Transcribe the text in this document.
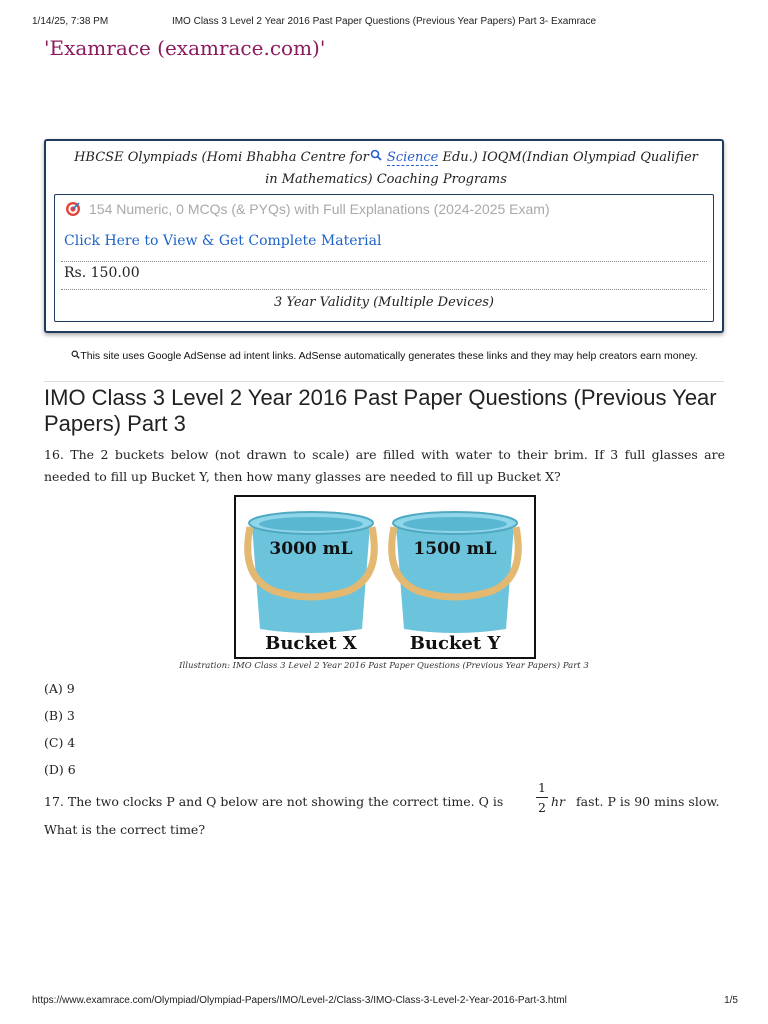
1/14/25, 7:38 PM	IMO Class 3 Level 2 Year 2016 Past Paper Questions (Previous Year Papers) Part 3- Examrace
'Examrace (examrace.com)'
HBCSE Olympiads (Homi Bhabha Centre for Science Edu.) IOQM(Indian Olympiad Qualifier in Mathematics) Coaching Programs
154 Numeric, 0 MCQs (& PYQs) with Full Explanations (2024-2025 Exam)
Click Here to View & Get Complete Material
Rs. 150.00
3 Year Validity (Multiple Devices)
This site uses Google AdSense ad intent links. AdSense automatically generates these links and they may help creators earn money.
IMO Class 3 Level 2 Year 2016 Past Paper Questions (Previous Year Papers) Part 3
16. The 2 buckets below (not drawn to scale) are filled with water to their brim. If 3 full glasses are needed to fill up Bucket Y, then how many glasses are needed to fill up Bucket X?
3000 mL	1500 mL
Bucket X	Bucket Y
Illustration: IMO Class 3 Level 2 Year 2016 Past Paper Questions (Previous Year Papers) Part 3
(A) 9
(B) 3
(C) 4
(D) 6
17. The two clocks P and Q below are not showing the correct time. Q is
1
2 hr fast. P is 90 mins slow.
What is the correct time?
https://www.examrace.com/Olympiad/Olympiad-Papers/IMO/Level-2/Class-3/IMO-Class-3-Level-2-Year-2016-Part-3.html	1/5
